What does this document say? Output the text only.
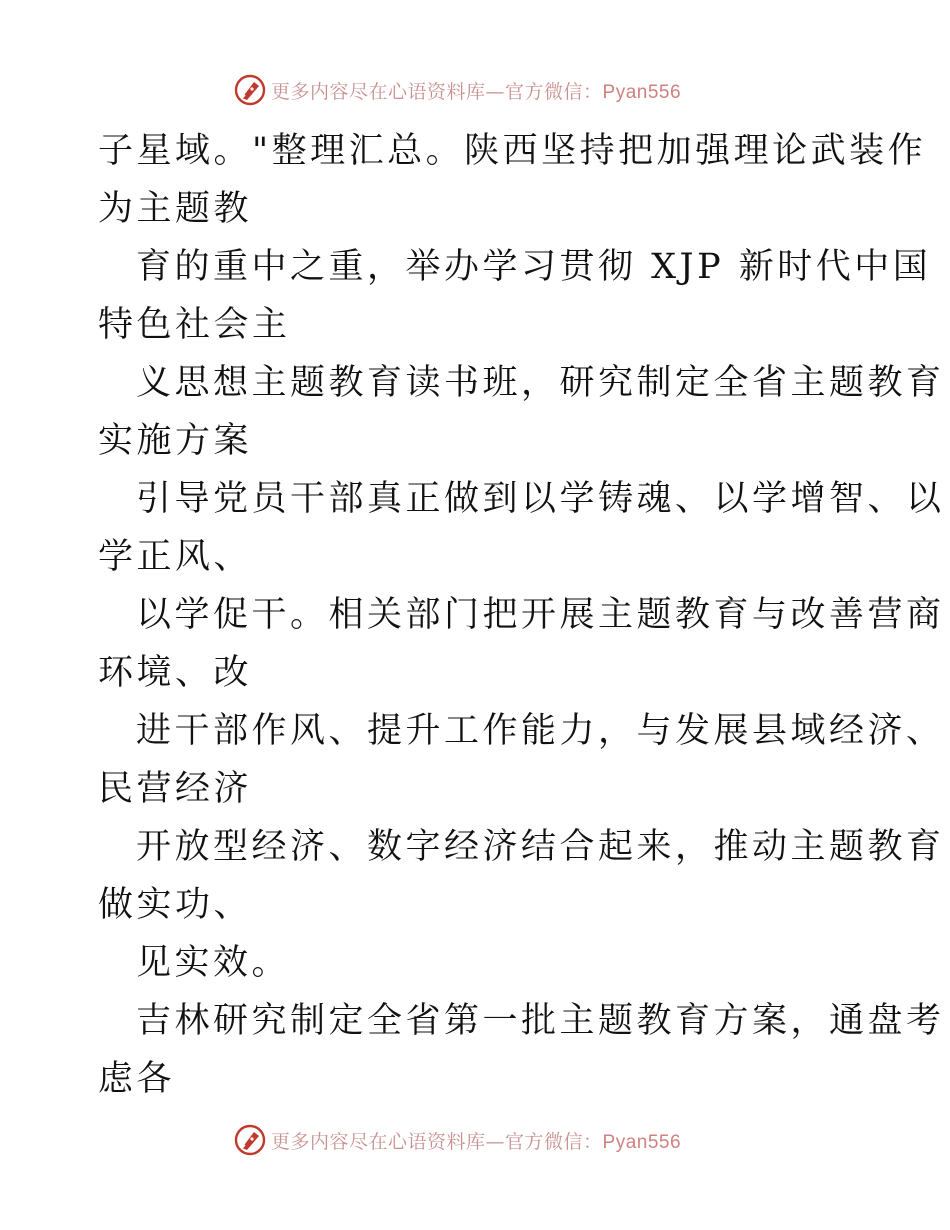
更多内容尽在心语资料库—官方微信：Pyan556
子星域。"整理汇总。陕西坚持把加强理论武装作
为主题教
育的重中之重，举办学习贯彻 XJP 新时代中国
特色社会主
义思想主题教育读书班，研究制定全省主题教育
实施方案
引导党员干部真正做到以学铸魂、以学增智、以
学正风、
以学促干。相关部门把开展主题教育与改善营商
环境、改
进干部作风、提升工作能力，与发展县域经济、
民营经济
开放型经济、数字经济结合起来，推动主题教育
做实功、
见实效。
吉林研究制定全省第一批主题教育方案，通盘考
虑各
更多内容尽在心语资料库—官方微信：Pyan556
